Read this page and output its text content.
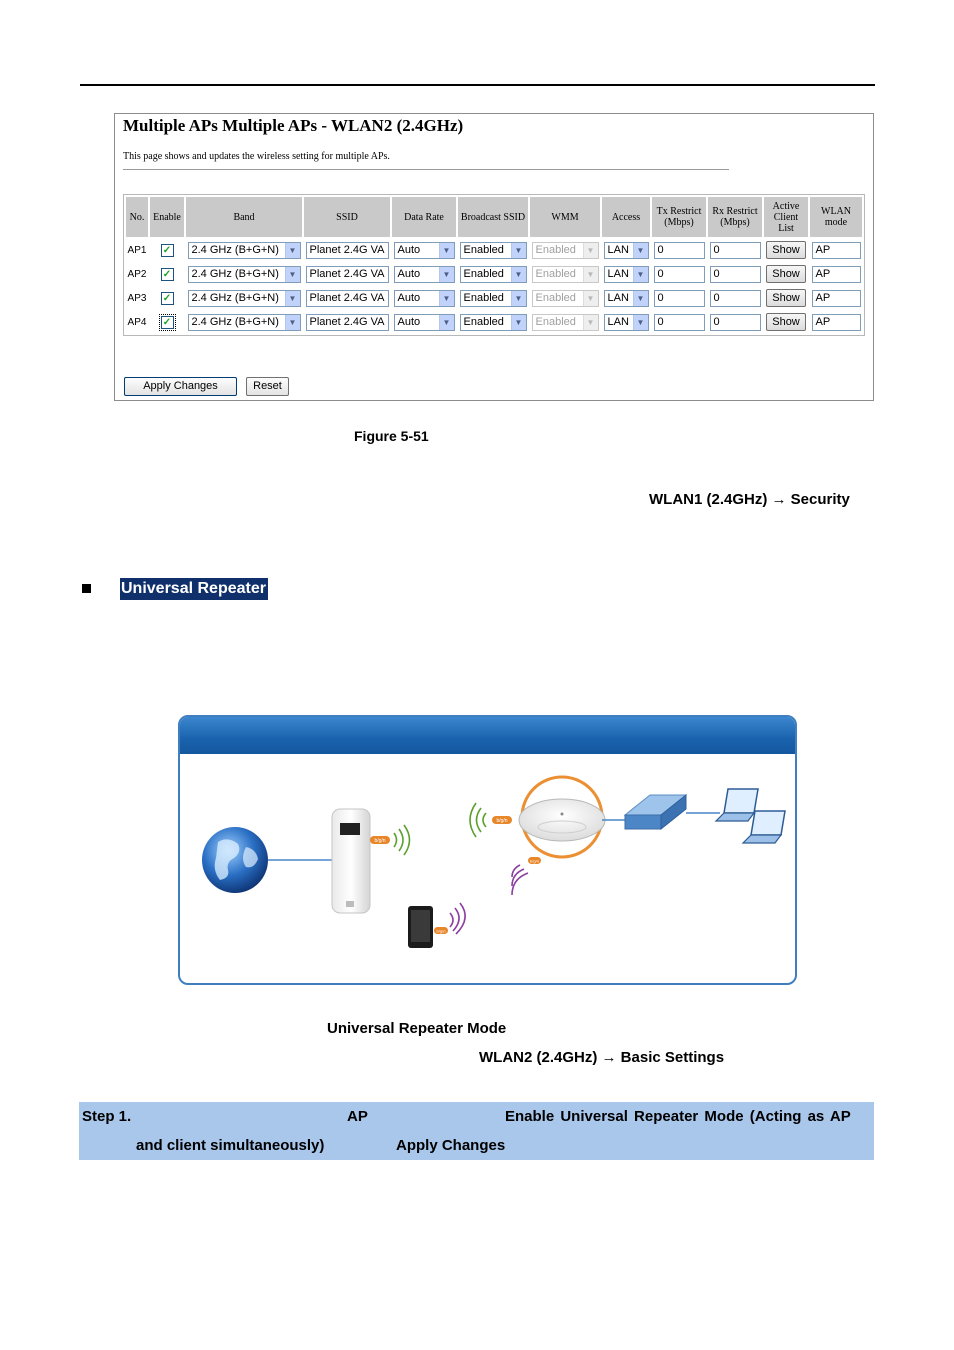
Multiple APs Multiple APs - WLAN2 (2.4GHz)
This page shows and updates the wireless setting for multiple APs.
No.	Enable	Band	SSID	Data Rate	Broadcast SSID	WMM	Access	Tx Restrict (Mbps)	Rx Restrict (Mbps)	Active Client List	WLAN mode
AP1	✓	2.4 GHz (B+G+N) ▼	Planet 2.4G VA	Auto ▼	Enabled ▼	Enabled ▼	LAN ▼	0	0	Show	AP
AP2	✓	2.4 GHz (B+G+N) ▼	Planet 2.4G VA	Auto ▼	Enabled ▼	Enabled ▼	LAN ▼	0	0	Show	AP
AP3	✓	2.4 GHz (B+G+N) ▼	Planet 2.4G VA	Auto ▼	Enabled ▼	Enabled ▼	LAN ▼	0	0	Show	AP
AP4	✓	2.4 GHz (B+G+N) ▼	Planet 2.4G VA	Auto ▼	Enabled ▼	Enabled ▼	LAN ▼	0	0	Show	AP
Apply Changes	Reset
Figure 5-51
WLAN1 (2.4GHz) → Security
Universal Repeater
b/g/n
b/g/n
b/g/n
b/g/n
Universal Repeater Mode
WLAN2 (2.4GHz) → Basic Settings
Step 1.	AP	Enable Universal Repeater Mode (Acting as AP
and client simultaneously)	Apply Changes
